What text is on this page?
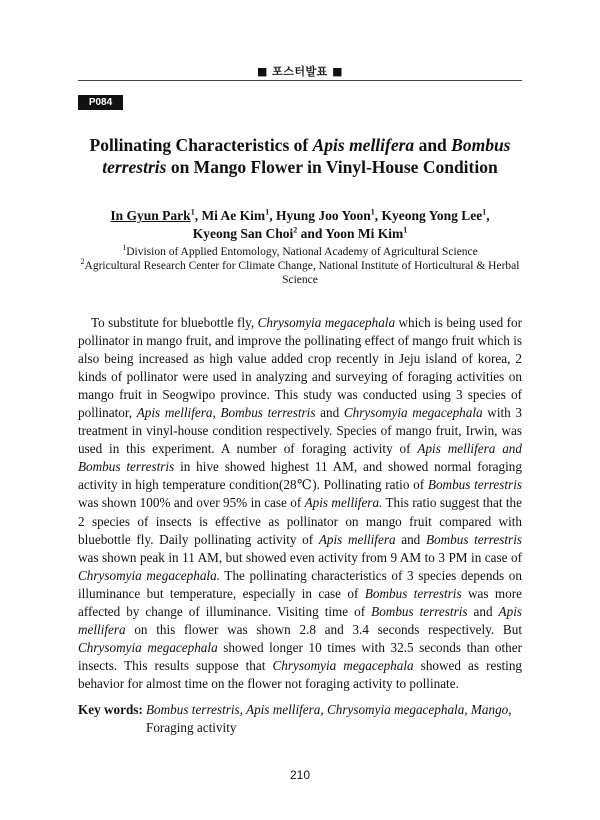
■ 포스터발표 ■
P084
Pollinating Characteristics of Apis mellifera and Bombus
terrestris on Mango Flower in Vinyl-House Condition
In Gyun Park$^1$, Mi Ae Kim$^1$, Hyung Joo Yoon$^1$, Kyeong Yong Lee$^1$,
Kyeong San Choi$^2$ and Yoon Mi Kim$^1$
$^1$Division of Applied Entomology, National Academy of Agricultural Science
$^2$Agricultural Research Center for Climate Change, National Institute of Horticultural & Herbal Science
To substitute for bluebottle fly, Chrysomyia megacephala which is being used for pollinator in mango fruit, and improve the pollinating effect of mango fruit which is also being increased as high value added crop recently in Jeju island of korea, 2 kinds of pollinator were used in analyzing and surveying of foraging activities on mango fruit in Seogwipo province. This study was conducted using 3 species of pollinator, Apis mellifera, Bombus terrestris and Chrysomyia megacephala with 3 treatment in vinyl-house condition respectively. Species of mango fruit, Irwin, was used in this experiment. A number of foraging activity of Apis mellifera and Bombus terrestris in hive showed highest 11 AM, and showed normal foraging activity in high temperature condition(28℃). Pollinating ratio of Bombus terrestris was shown 100% and over 95% in case of Apis mellifera. This ratio suggest that the 2 species of insects is effective as pollinator on mango fruit compared with bluebottle fly. Daily pollinating activity of Apis mellifera and Bombus terrestris was shown peak in 11 AM, but showed even activity from 9 AM to 3 PM in case of Chrysomyia megacephala. The pollinating characteristics of 3 species depends on illuminance but temperature, especially in case of Bombus terrestris was more affected by change of illuminance. Visiting time of Bombus terrestris and Apis mellifera on this flower was shown 2.8 and 3.4 seconds respectively. But Chrysomyia megacephala showed longer 10 times with 32.5 seconds than other insects. This results suppose that Chrysomyia megacephala showed as resting behavior for almost time on the flower not foraging activity to pollinate.
Key words: Bombus terrestris, Apis mellifera, Chrysomyia megacephala, Mango,
Foraging activity
210
